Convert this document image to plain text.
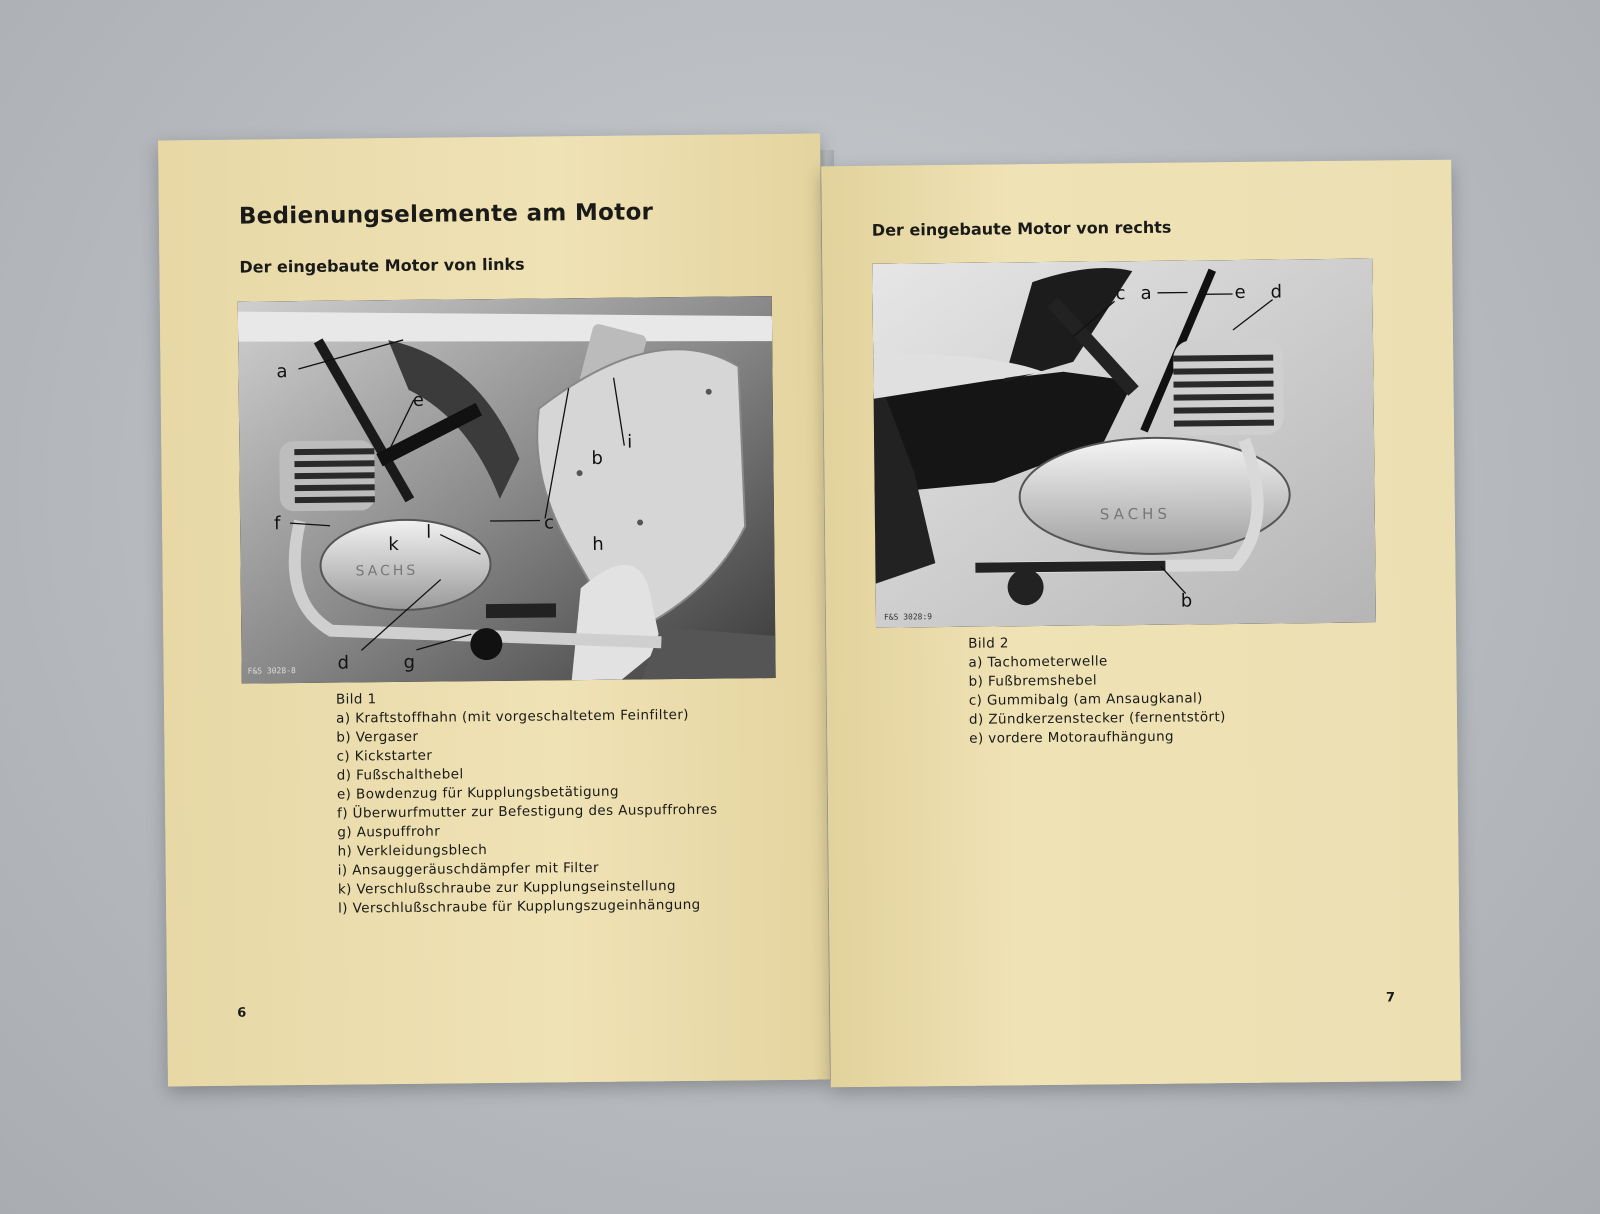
Bedienungselemente am Motor
Der eingebaute Motor von links
a
b
c
d
e
f
g
h
i
k
l
SACHS
F&S 3028-8

Bild 1

a) Kraftstoffhahn (mit vorgeschaltetem Feinfilter)
b) Vergaser
c) Kickstarter
d) Fußschalthebel
e) Bowdenzug für Kupplungsbetätigung
f) Überwurfmutter zur Befestigung des Auspuffrohres
g) Auspuffrohr
h) Verkleidungsblech
i) Ansauggeräuschdämpfer mit Filter
k) Verschlußschraube zur Kupplungseinstellung
l) Verschlußschraube für Kupplungszugeinhängung
6
Der eingebaute Motor von rechts
c a	e d
b
SACHS
F&S 3028:9

Bild 2

a) Tachometerwelle
b) Fußbremshebel
c) Gummibalg (am Ansaugkanal)
d) Zündkerzenstecker (fernentstört)
e) vordere Motoraufhängung
7
